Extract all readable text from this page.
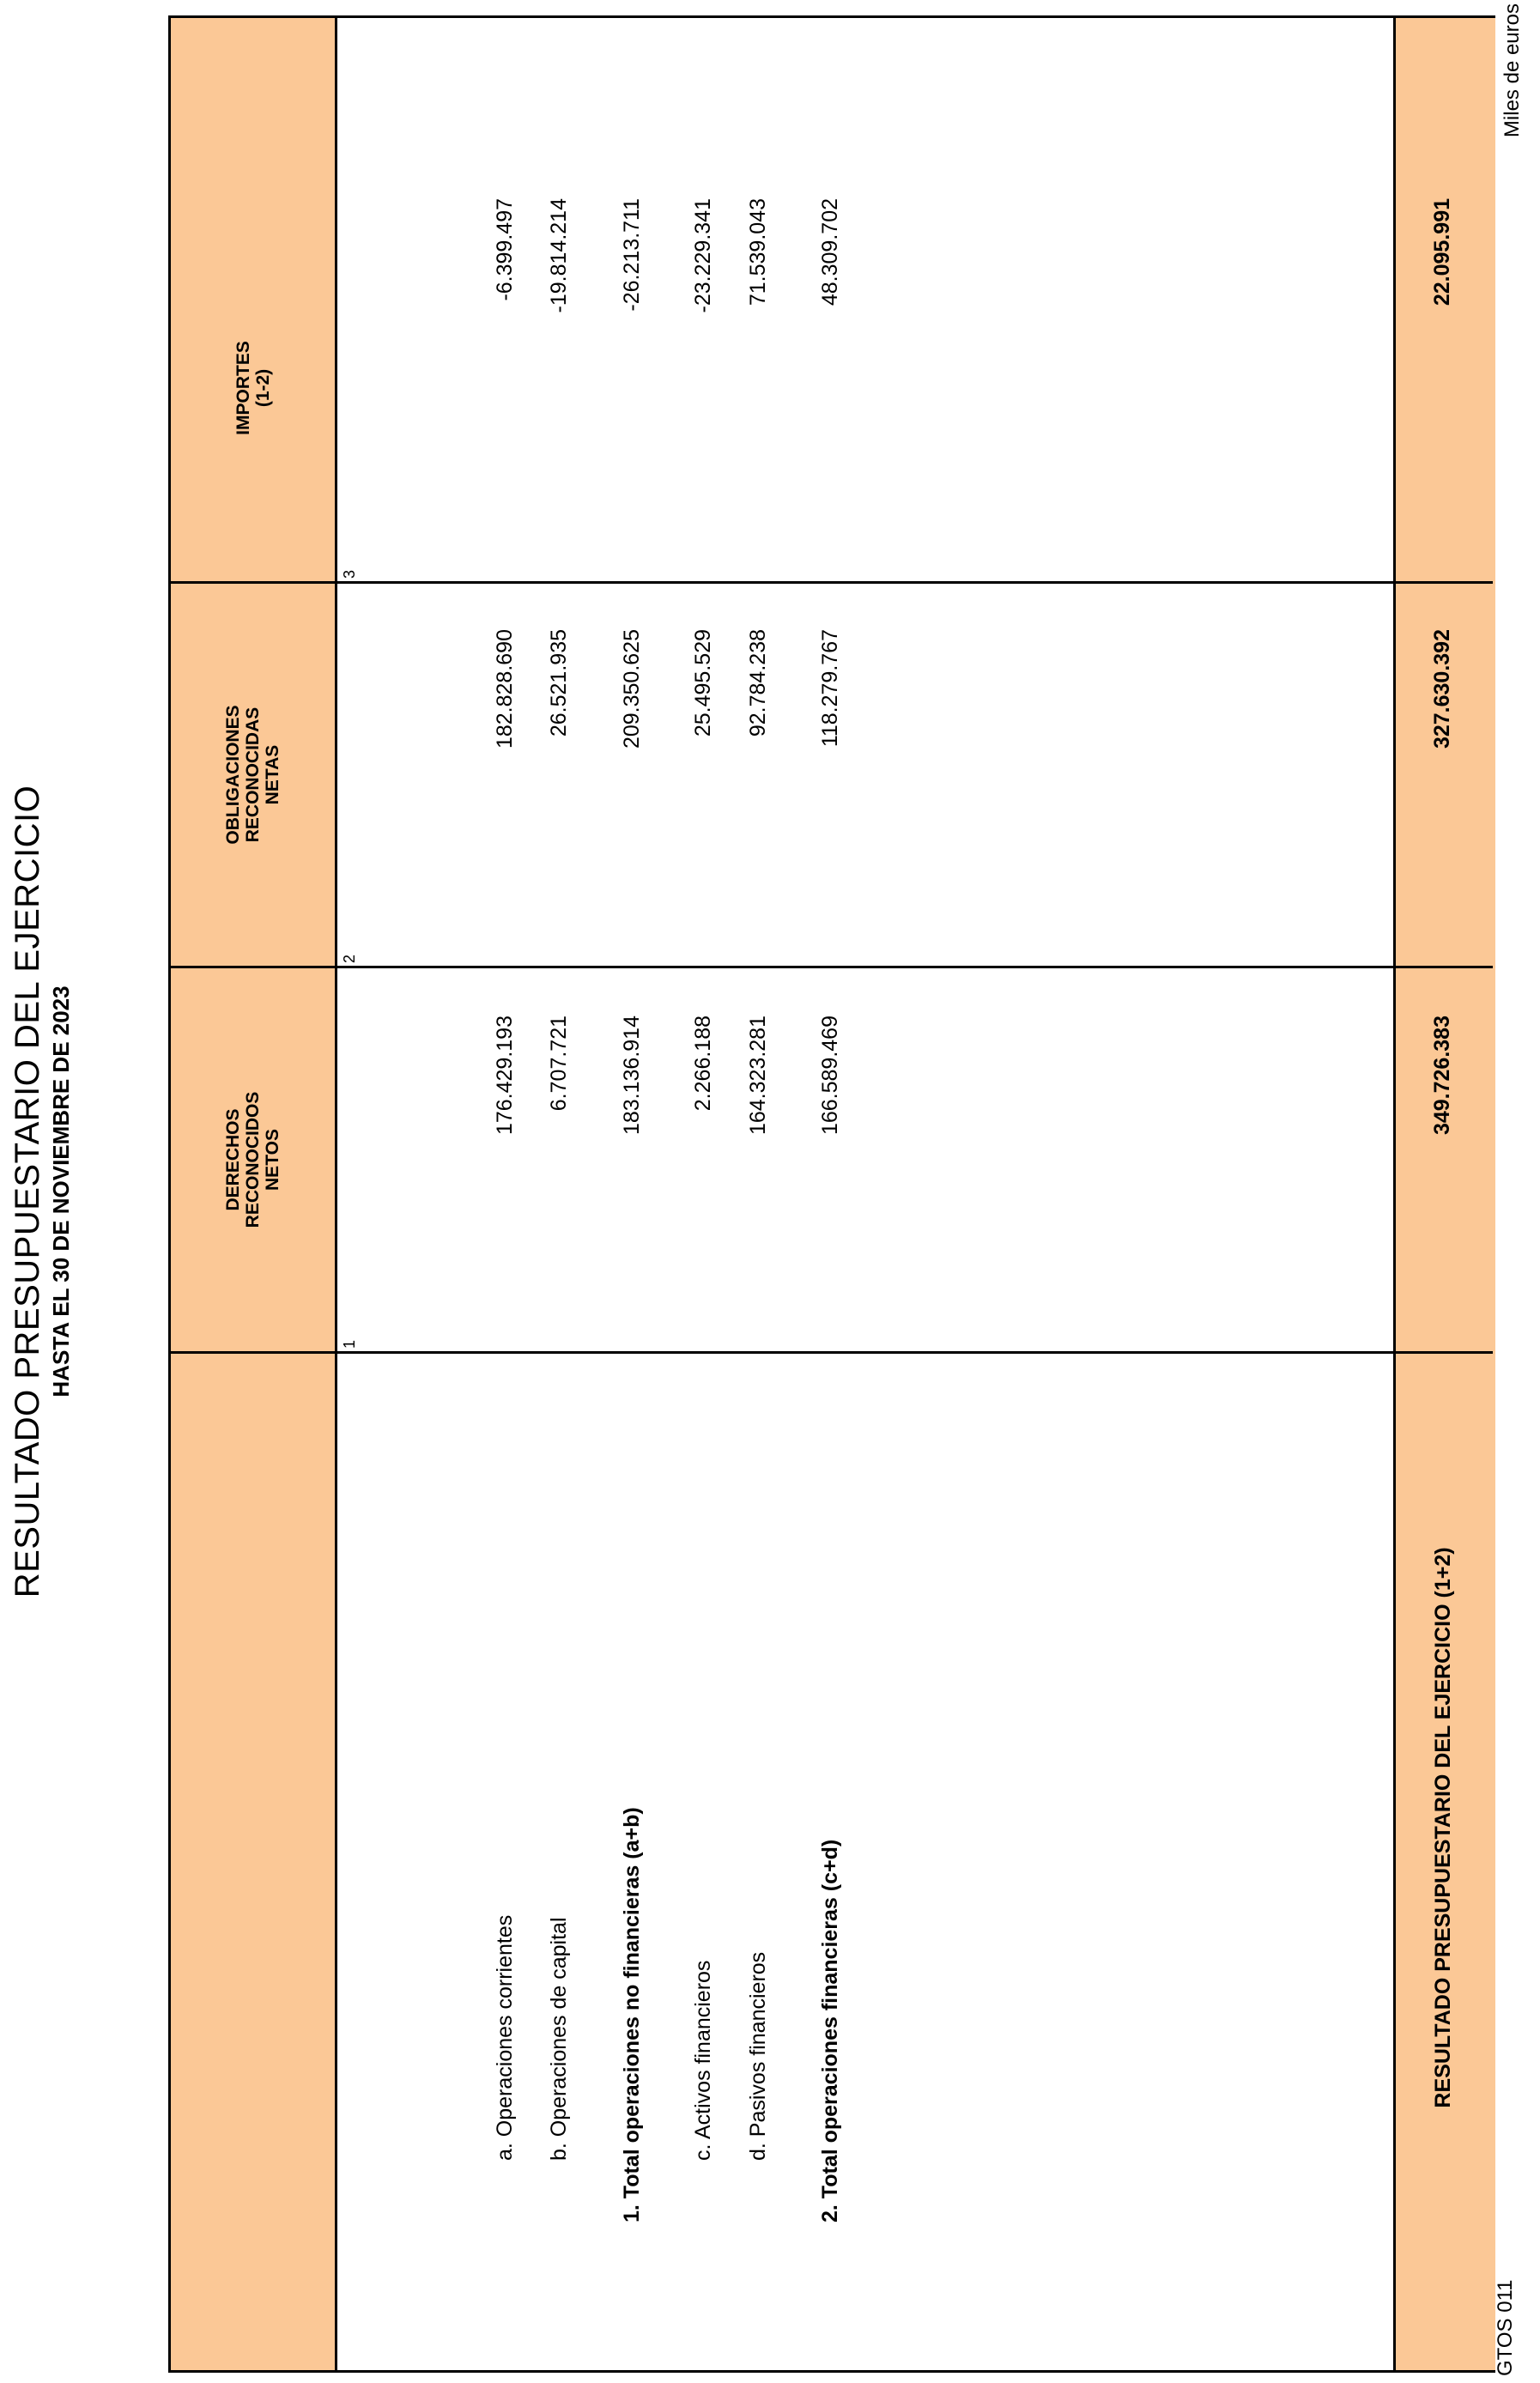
RESULTADO PRESUPUESTARIO DEL EJERCICIO HASTA EL 30 DE NOVIEMBRE DE 2023	DERECHOS
RECONOCIDOS
NETOS
OBLIGACIONES
RECONOCIDAS
NETAS
IMPORTES
(1-2)
1
2
3
a. Operaciones corrientes
176.429.193
182.828.690
-6.399.497
b. Operaciones de capital
6.707.721
26.521.935
-19.814.214
1. Total operaciones no financieras (a+b)
183.136.914
209.350.625
-26.213.711
c. Activos financieros
2.266.188
25.495.529
-23.229.341
d. Pasivos financieros
164.323.281
92.784.238
71.539.043
2. Total operaciones financieras (c+d)
166.589.469
118.279.767
48.309.702
RESULTADO PRESUPUESTARIO DEL EJERCICIO (1+2)
349.726.383
327.630.392
22.095.991
Miles de euros
GTOS 011
